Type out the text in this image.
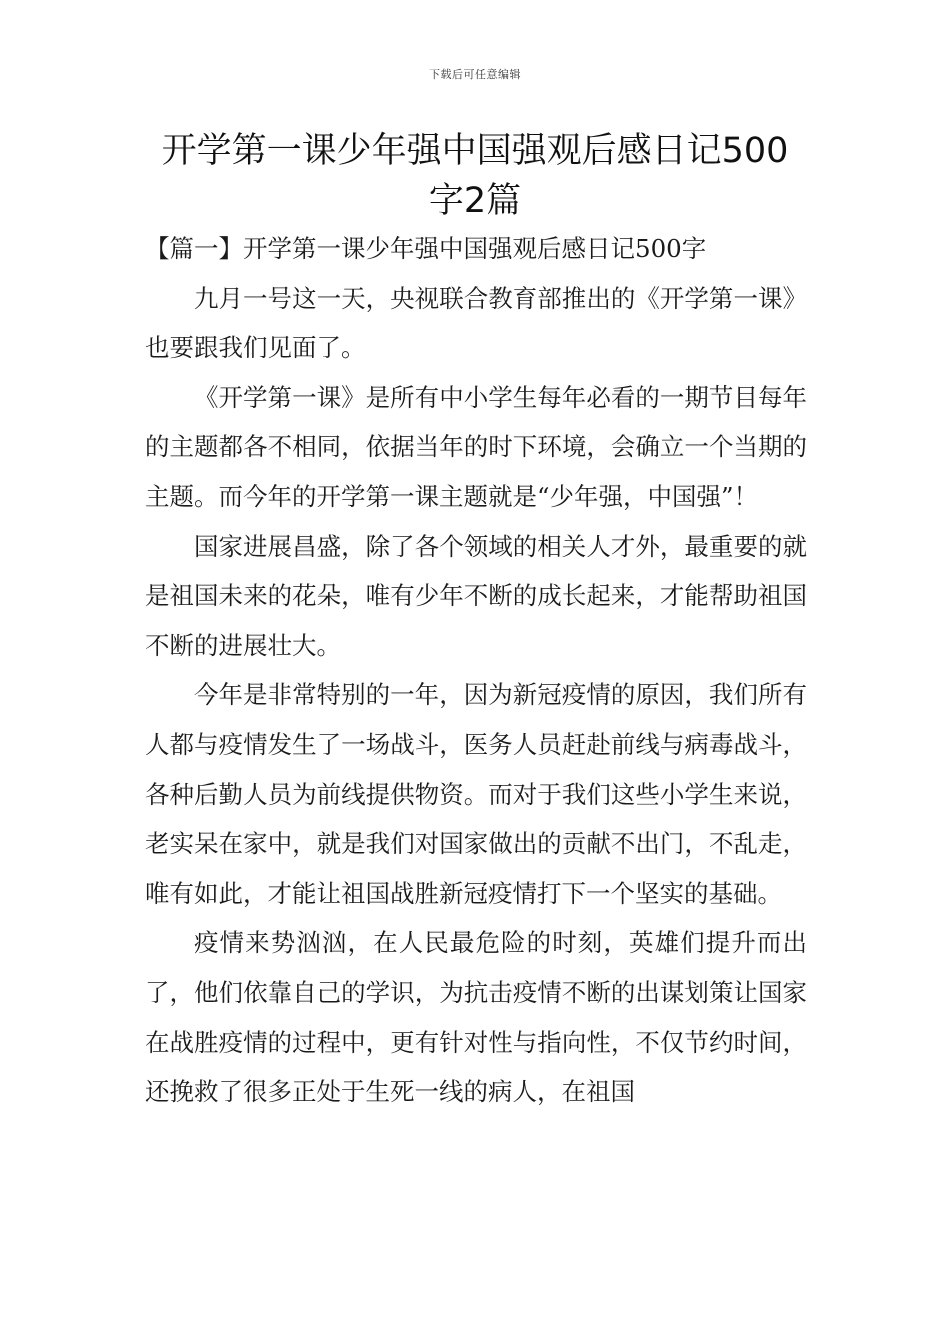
下载后可任意编辑
开学第一课少年强中国强观后感日记500字2篇

【篇一】开学第一课少年强中国强观后感日记500字

九月一号这一天，央视联合教育部推出的《开学第一课》也要跟我们见面了。

《开学第一课》是所有中小学生每年必看的一期节目每年的主题都各不相同，依据当年的时下环境，会确立一个当期的主题。而今年的开学第一课主题就是“少年强，中国强”！

国家进展昌盛，除了各个领域的相关人才外，最重要的就是祖国未来的花朵，唯有少年不断的成长起来，才能帮助祖国不断的进展壮大。

今年是非常特别的一年，因为新冠疫情的原因，我们所有人都与疫情发生了一场战斗，医务人员赶赴前线与病毒战斗，各种后勤人员为前线提供物资。而对于我们这些小学生来说，老实呆在家中，就是我们对国家做出的贡献不出门，不乱走，唯有如此，才能让祖国战胜新冠疫情打下一个坚实的基础。

疫情来势汹汹，在人民最危险的时刻，英雄们提升而出了，他们依靠自己的学识，为抗击疫情不断的出谋划策让国家在战胜疫情的过程中，更有针对性与指向性，不仅节约时间，还挽救了很多正处于生死一线的病人，在祖国
